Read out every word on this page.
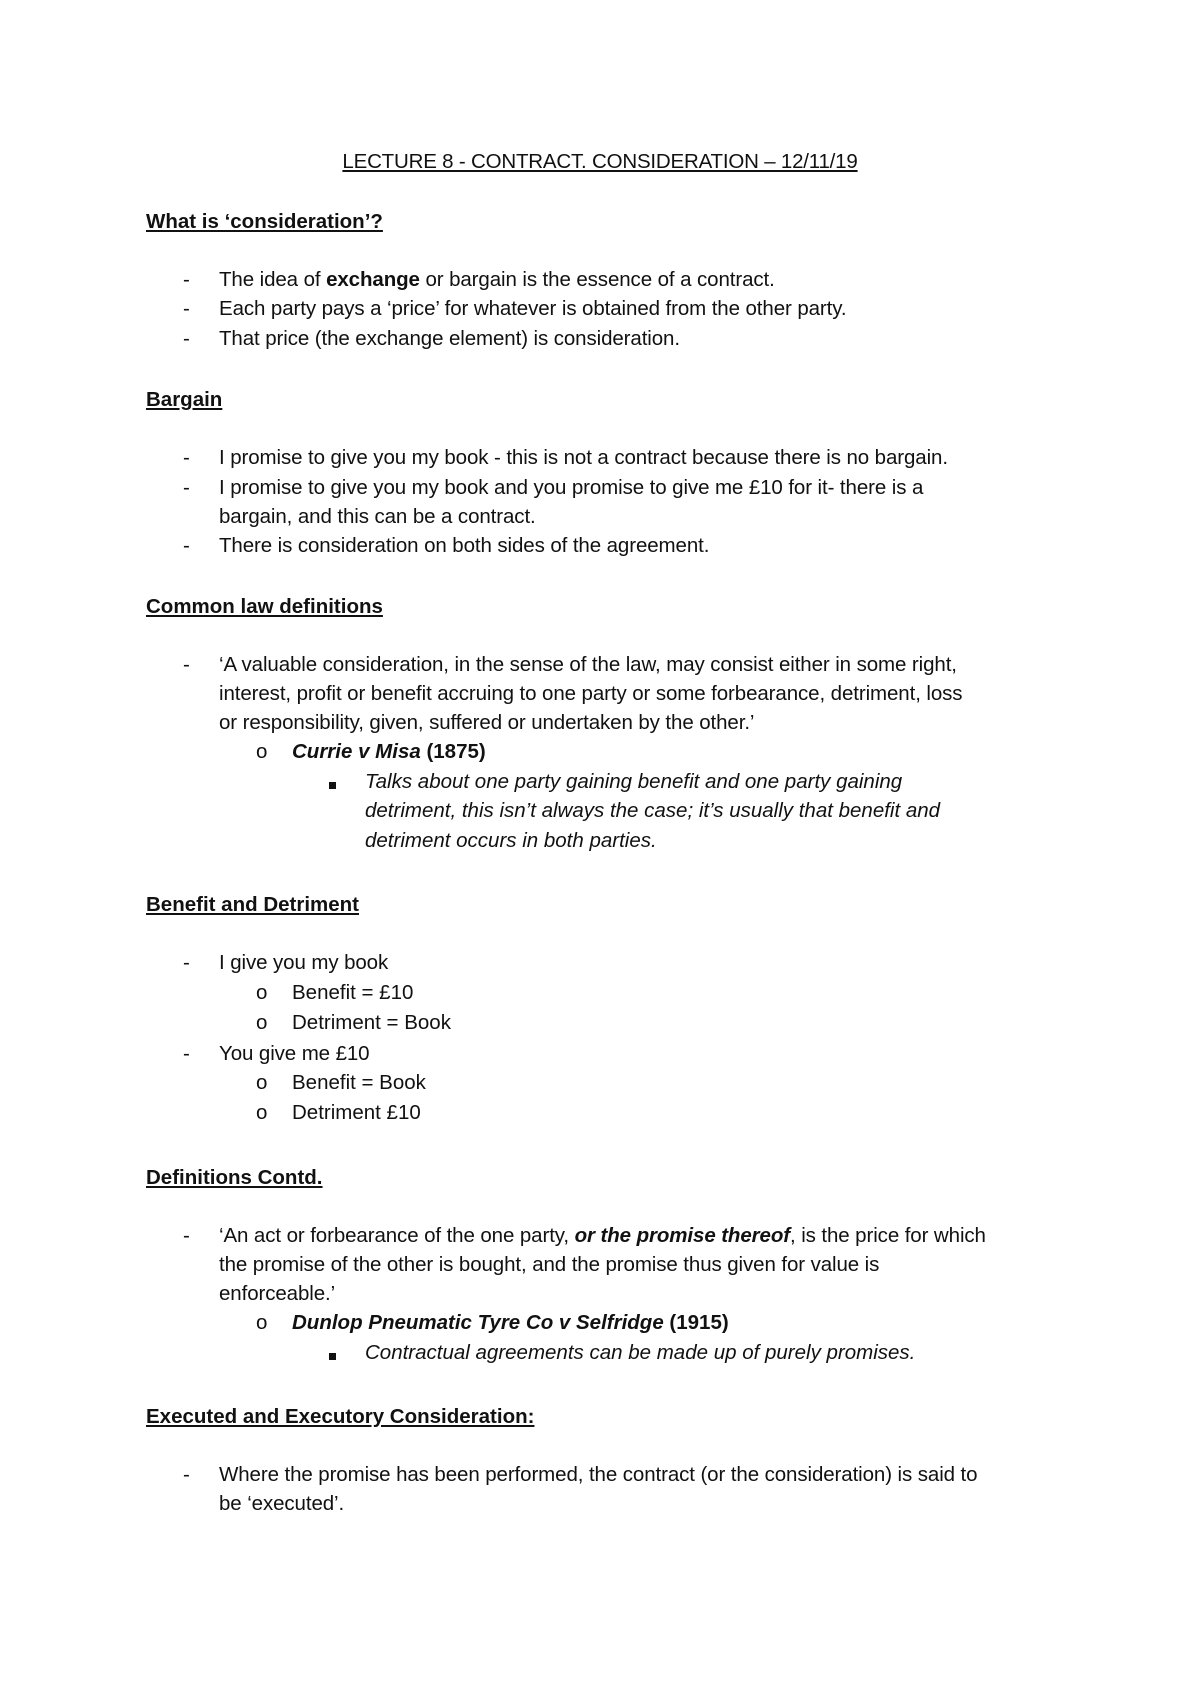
LECTURE 8 - CONTRACT. CONSIDERATION – 12/11/19
What is ‘consideration’?
- The idea of exchange or bargain is the essence of a contract.
- Each party pays a ‘price’ for whatever is obtained from the other party.
- That price (the exchange element) is consideration.
Bargain
- I promise to give you my book - this is not a contract because there is no bargain.
- I promise to give you my book and you promise to give me £10 for it- there is a
bargain, and this can be a contract.
- There is consideration on both sides of the agreement.
Common law definitions
- ‘A valuable consideration, in the sense of the law, may consist either in some right,
interest, profit or benefit accruing to one party or some forbearance, detriment, loss
or responsibility, given, suffered or undertaken by the other.’
o Currie v Misa (1875)
Talks about one party gaining benefit and one party gaining
detriment, this isn’t always the case; it’s usually that benefit and
detriment occurs in both parties.
Benefit and Detriment
- I give you my book
o Benefit = £10
o Detriment = Book
- You give me £10
o Benefit = Book
o Detriment £10
Definitions Contd.
- ‘An act or forbearance of the one party, or the promise thereof, is the price for which
the promise of the other is bought, and the promise thus given for value is
enforceable.’
o Dunlop Pneumatic Tyre Co v Selfridge (1915)
Contractual agreements can be made up of purely promises.
Executed and Executory Consideration:
- Where the promise has been performed, the contract (or the consideration) is said to
be ‘executed’.
